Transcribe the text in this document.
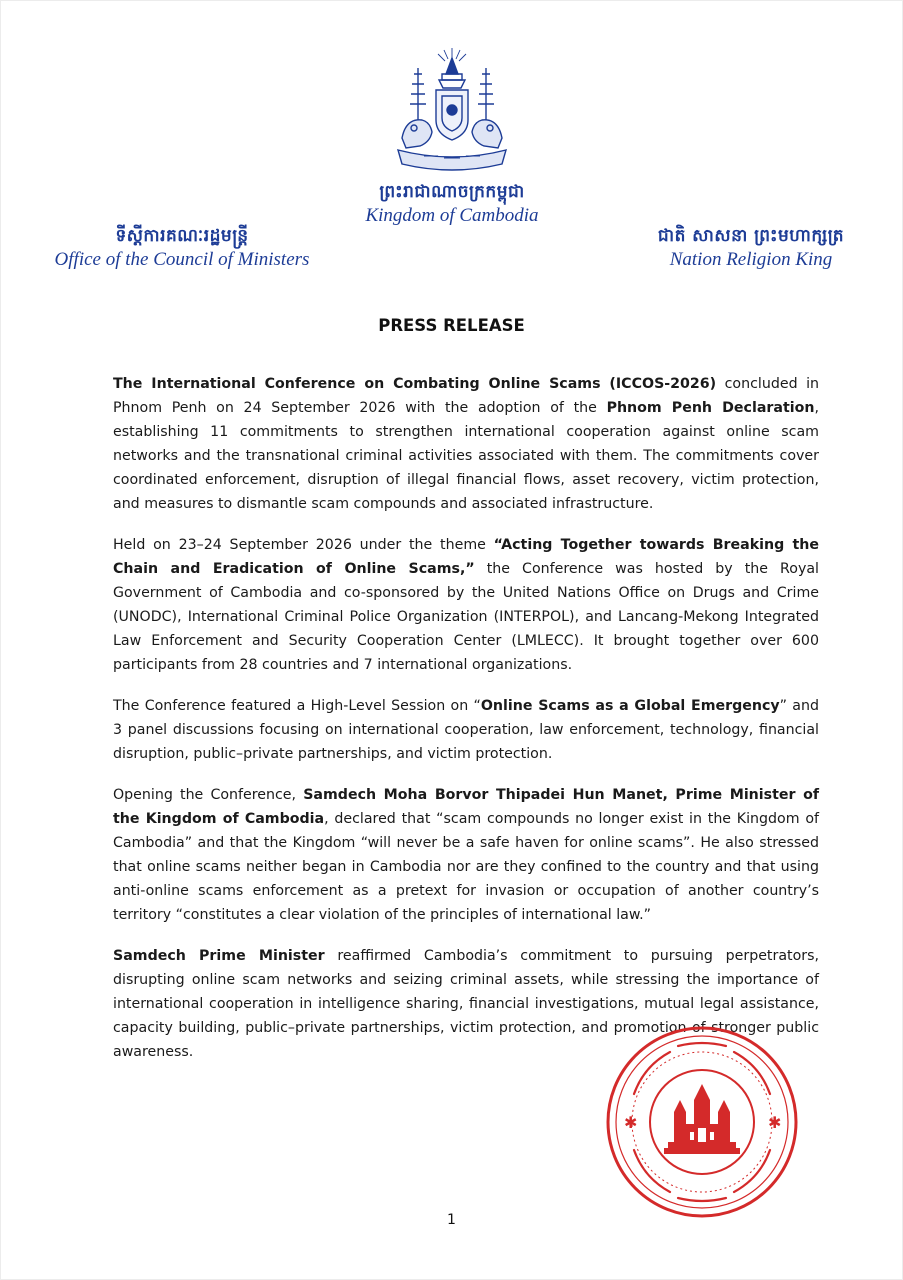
ព្រះរាជាណាចក្រកម្ពុជា
Kingdom of Cambodia
ទីស្តីការគណៈរដ្ឋមន្ត្រី
Office of the Council of Ministers
ជាតិ សាសនា ព្រះមហាក្សត្រ
Nation Religion King
PRESS RELEASE

The International Conference on Combating Online Scams (ICCOS-2026) concluded in Phnom Penh on 24 September 2026 with the adoption of the Phnom Penh Declaration, establishing 11 commitments to strengthen international cooperation against online scam networks and the transnational criminal activities associated with them. The commitments cover coordinated enforcement, disruption of illegal financial flows, asset recovery, victim protection, and measures to dismantle scam compounds and associated infrastructure.

Held on 23–24 September 2026 under the theme “Acting Together towards Breaking the Chain and Eradication of Online Scams,” the Conference was hosted by the Royal Government of Cambodia and co-sponsored by the United Nations Office on Drugs and Crime (UNODC), International Criminal Police Organization (INTERPOL), and Lancang-Mekong Integrated Law Enforcement and Security Cooperation Center (LMLECC). It brought together over 600 participants from 28 countries and 7 international organizations.

The Conference featured a High-Level Session on “Online Scams as a Global Emergency” and 3 panel discussions focusing on international cooperation, law enforcement, technology, financial disruption, public–private partnerships, and victim protection.

Opening the Conference, Samdech Moha Borvor Thipadei Hun Manet, Prime Minister of the Kingdom of Cambodia, declared that “scam compounds no longer exist in the Kingdom of Cambodia” and that the Kingdom “will never be a safe haven for online scams”. He also stressed that online scams neither began in Cambodia nor are they confined to the country and that using anti-online scams enforcement as a pretext for invasion or occupation of another country’s territory “constitutes a clear violation of the principles of international law.”

Samdech Prime Minister reaffirmed Cambodia’s commitment to pursuing perpetrators, disrupting online scam networks and seizing criminal assets, while stressing the importance of international cooperation in intelligence sharing, financial investigations, mutual legal assistance, capacity building, public–private partnerships, victim protection, and promotion of stronger public awareness.

✱	✱
1
